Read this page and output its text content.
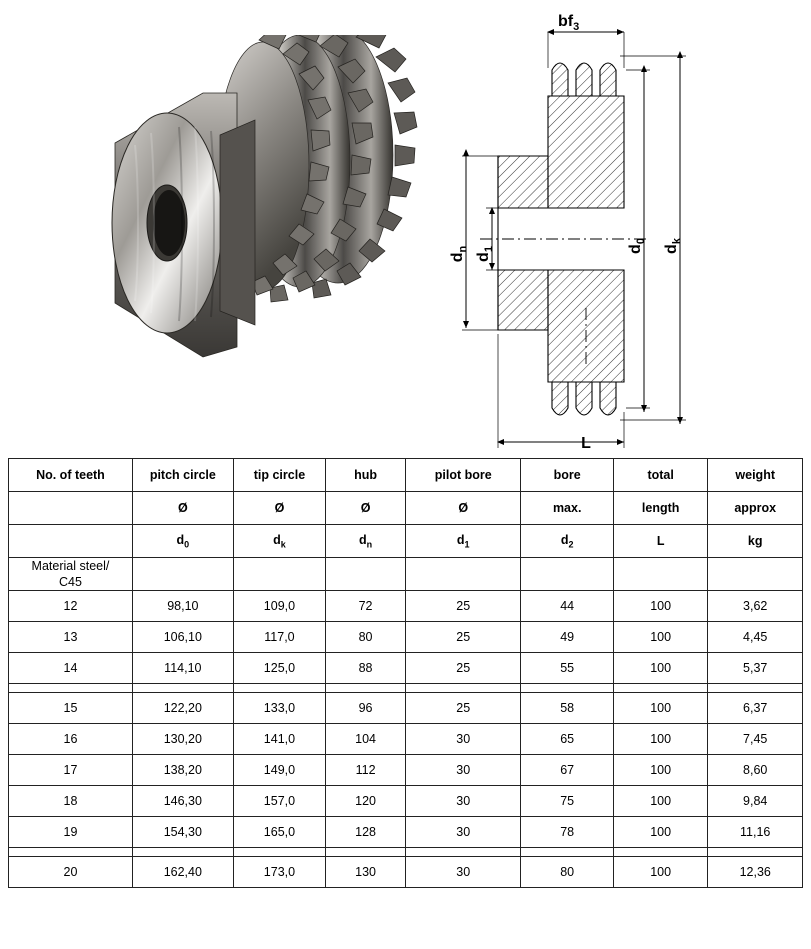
$bf_3$
L
$d_n$
$d_1$	$d_0$
$d_k$
No. of teeth	pitch circle	tip circle	hub	pilot bore	bore	total	weight
	Ø	Ø	Ø	Ø	max.	length	approx
	$d_0$	$d_k$	$d_n$	$d_1$	$d_2$	L	kg
Material steel/
C45							
12	98,10	109,0	72	25	44	100	3,62
13	106,10	117,0	80	25	49	100	4,45
14	114,10	125,0	88	25	55	100	5,37

15	122,20	133,0	96	25	58	100	6,37
16	130,20	141,0	104	30	65	100	7,45
17	138,20	149,0	112	30	67	100	8,60
18	146,30	157,0	120	30	75	100	9,84
19	154,30	165,0	128	30	78	100	11,16

20	162,40	173,0	130	30	80	100	12,36
